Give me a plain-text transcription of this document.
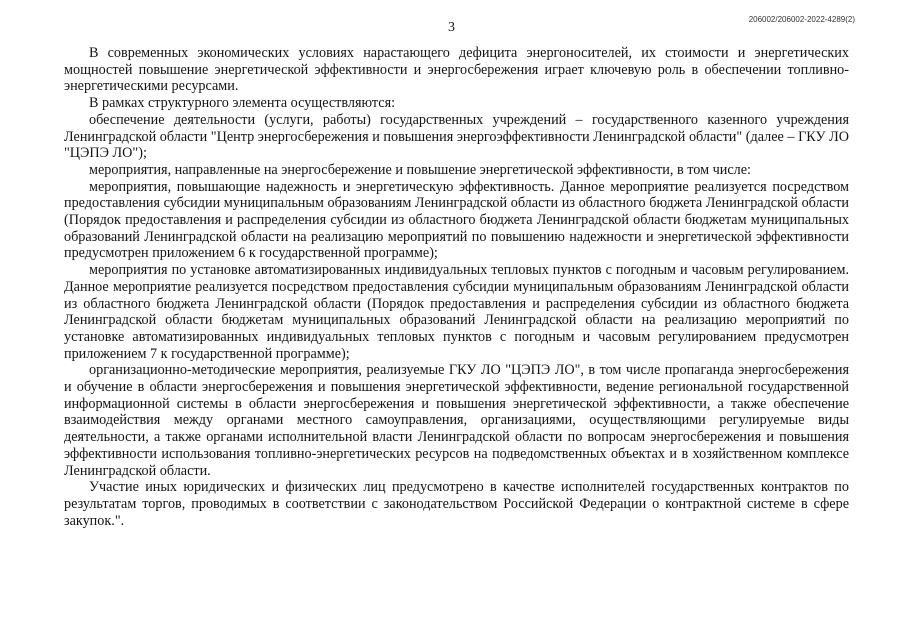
3
206002/206002-2022-4289(2)

В современных экономических условиях нарастающего дефицита энергоносителей, их стоимости и энергетических мощностей повышение энергетической эффективности и энергосбережения играет ключевую роль в обеспечении топливно-энергетическими ресурсами.

В рамках структурного элемента осуществляются:

обеспечение деятельности (услуги, работы) государственных учреждений – государственного казенного учреждения Ленинградской области "Центр энергосбережения и повышения энергоэффективности Ленинградской области" (далее – ГКУ ЛО "ЦЭПЭ ЛО");

мероприятия, направленные на энергосбережение и повышение энергетической эффективности, в том числе:

мероприятия, повышающие надежность и энергетическую эффективность. Данное мероприятие реализуется посредством предоставления субсидии муниципальным образованиям Ленинградской области из областного бюджета Ленинградской области (Порядок предоставления и распределения субсидии из областного бюджета Ленинградской области бюджетам муниципальных образований Ленинградской области на реализацию мероприятий по повышению надежности и энергетической эффективности предусмотрен приложением 6 к государственной программе);

мероприятия по установке автоматизированных индивидуальных тепловых пунктов с погодным и часовым регулированием. Данное мероприятие реализуется посредством предоставления субсидии муниципальным образованиям Ленинградской области из областного бюджета Ленинградской области (Порядок предоставления и распределения субсидии из областного бюджета Ленинградской области бюджетам муниципальных образований Ленинградской области на реализацию мероприятий по установке автоматизированных индивидуальных тепловых пунктов с погодным и часовым регулированием предусмотрен приложением 7 к государственной программе);

организационно-методические мероприятия, реализуемые ГКУ ЛО "ЦЭПЭ ЛО", в том числе пропаганда энергосбережения и обучение в области энергосбережения и повышения энергетической эффективности, ведение региональной государственной информационной системы в области энергосбережения и повышения энергетической эффективности, а также обеспечение взаимодействия между органами местного самоуправления, организациями, осуществляющими регулируемые виды деятельности, а также органами исполнительной власти Ленинградской области по вопросам энергосбережения и повышения эффективности использования топливно-энергетических ресурсов на подведомственных объектах и в хозяйственном комплексе Ленинградской области.

Участие иных юридических и физических лиц предусмотрено в качестве исполнителей государственных контрактов по результатам торгов, проводимых в соответствии с законодательством Российской Федерации о контрактной системе в сфере закупок.".
